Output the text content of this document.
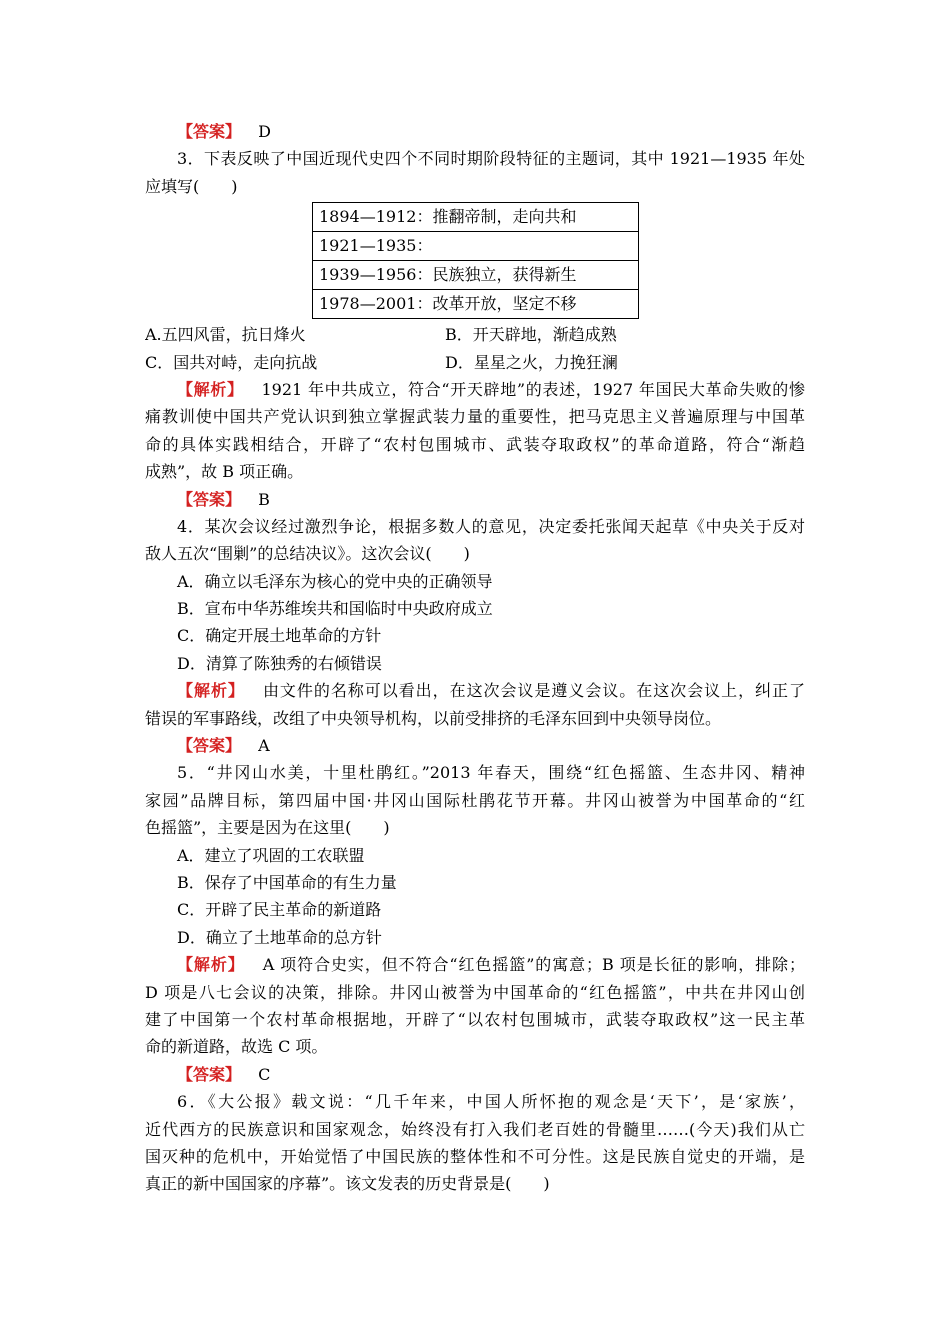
【答案】 D
3．下表反映了中国近现代史四个不同时期阶段特征的主题词，其中 1921—1935 年处
应填写(　　)
1894—1912：推翻帝制，走向共和
1921—1935：
1939—1956：民族独立，获得新生
1978—2001：改革开放，坚定不移
A.五四风雷，抗日烽火	B．开天辟地，渐趋成熟
C．国共对峙，走向抗战	D．星星之火，力挽狂澜
【解析】 1921 年中共成立，符合“开天辟地”的表述，1927 年国民大革命失败的惨
痛教训使中国共产党认识到独立掌握武装力量的重要性，把马克思主义普遍原理与中国革
命的具体实践相结合，开辟了“农村包围城市、武装夺取政权”的革命道路，符合“渐趋
成熟”，故 B 项正确。
【答案】 B
4．某次会议经过激烈争论，根据多数人的意见，决定委托张闻天起草《中央关于反对
敌人五次“围剿”的总结决议》。这次会议(　　)
A．确立以毛泽东为核心的党中央的正确领导
B．宣布中华苏维埃共和国临时中央政府成立
C．确定开展土地革命的方针
D．清算了陈独秀的右倾错误
【解析】 由文件的名称可以看出，在这次会议是遵义会议。在这次会议上，纠正了
错误的军事路线，改组了中央领导机构，以前受排挤的毛泽东回到中央领导岗位。
【答案】 A
5．“井冈山水美，十里杜鹃红。”2013 年春天，围绕“红色摇篮、生态井冈、精神
家园”品牌目标，第四届中国·井冈山国际杜鹃花节开幕。井冈山被誉为中国革命的“红
色摇篮”，主要是因为在这里(　　)
A．建立了巩固的工农联盟
B．保存了中国革命的有生力量
C．开辟了民主革命的新道路
D．确立了土地革命的总方针
【解析】 A 项符合史实，但不符合“红色摇篮”的寓意；B 项是长征的影响，排除；
D 项是八七会议的决策，排除。井冈山被誉为中国革命的“红色摇篮”，中共在井冈山创
建了中国第一个农村革命根据地，开辟了“以农村包围城市，武装夺取政权”这一民主革
命的新道路，故选 C 项。
【答案】 C
6．《大公报》载文说：“几千年来，中国人所怀抱的观念是‘天下’，是‘家族’，
近代西方的民族意识和国家观念，始终没有打入我们老百姓的骨髓里……(今天)我们从亡
国灭种的危机中，开始觉悟了中国民族的整体性和不可分性。这是民族自觉史的开端，是
真正的新中国国家的序幕”。该文发表的历史背景是(　　)
